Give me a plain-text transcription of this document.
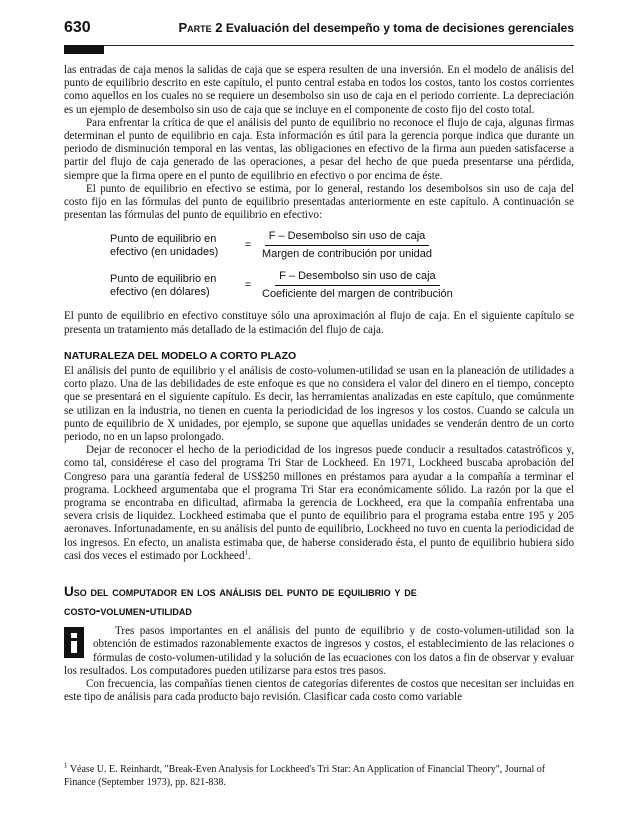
630	Parte 2 Evaluación del desempeño y toma de decisiones gerenciales

las entradas de caja menos la salidas de caja que se espera resulten de una inversión. En el modelo de análisis del punto de equilibrio descrito en este capítulo, el punto central estaba en todos los costos, tanto los costos corrientes como aquellos en los cuales no se requiere un desembolso sin uso de caja en el periodo corriente. La depreciación es un ejemplo de desembolso sin uso de caja que se incluye en el componente de costo fijo del costo total.

Para enfrentar la crítica de que el análisis del punto de equilibrio no reconoce el flujo de caja, algunas firmas determinan el punto de equilibrio en caja. Esta información es útil para la gerencia porque indica que durante un periodo de disminución temporal en las ventas, las obligaciones en efectivo de la firma aun pueden satisfacerse a partir del flujo de caja generado de las operaciones, a pesar del hecho de que pueda presentarse una pérdida, siempre que la firma opere en el punto de equilibrio en efectivo o por encima de éste.

El punto de equilibrio en efectivo se estima, por lo general, restando los desembolsos sin uso de caja del costo fijo en las fórmulas del punto de equilibrio presentadas anteriormente en este capítulo. A continuación se presentan las fórmulas del punto de equilibrio en efectivo:

Punto de equilibrio en
efectivo (en unidades)
= $\frac{\text{F – Desembolso sin uso de caja}}{\text{Margen de contribución por unidad}}$
Punto de equilibrio en
efectivo (en dólares)
= $\frac{\text{F – Desembolso sin uso de caja}}{\text{Coeficiente del margen de contribución}}$

El punto de equilibrio en efectivo constituye sólo una aproximación al flujo de caja. En el siguiente capítulo se presenta un tratamiento más detallado de la estimación del flujo de caja.

NATURALEZA DEL MODELO A CORTO PLAZO

El análisis del punto de equilibrio y el análisis de costo-volumen-utilidad se usan en la planeación de utilidades a corto plazo. Una de las debilidades de este enfoque es que no considera el valor del dinero en el tiempo, concepto que se presentará en el siguiente capítulo. Es decir, las herramientas analizadas en este capítulo, que comúnmente se utilizan en la industria, no tienen en cuenta la periodicidad de los ingresos y los costos. Cuando se calcula un punto de equilibrio de X unidades, por ejemplo, se supone que aquellas unidades se venderán dentro de un corto periodo, no en un lapso prolongado.

Dejar de reconocer el hecho de la periodicidad de los ingresos puede conducir a resultados catastróficos y, como tal, considérese el caso del programa Tri Star de Lockheed. En 1971, Lockheed buscaba aprobación del Congreso para una garantía federal de US$250 millones en préstamos para ayudar a la compañía a terminar el programa. Lockheed argumentaba que el programa Tri Star era económicamente sólido. La razón por la que el programa se encontraba en dificultad, afirmaba la gerencia de Lockheed, era que la compañía enfrentaba una severa crisis de liquidez. Lockheed estimaba que el punto de equilibrio para el programa estaba entre 195 y 205 aeronaves. Infortunadamente, en su análisis del punto de equilibrio, Lockheed no tuvo en cuenta la periodicidad de los ingresos. En efecto, un analista estimaba que, de haberse considerado ésta, el punto de equilibrio hubiera sido casi dos veces el estimado por Lockheed$^1$.

Uso del computador en los análisis del punto de equilibrio y de
costo-volumen-utilidad

Tres pasos importantes en el análisis del punto de equilibrio y de costo-volumen-utilidad son la obtención de estimados razonablemente exactos de ingresos y costos, el establecimiento de las relaciones o fórmulas de costo-volumen-utilidad y la solución de las ecuaciones con los datos a fin de observar y evaluar los resultados. Los computadores pueden utilizarse para estos tres pasos.

Con frecuencia, las compañías tienen cientos de categorías diferentes de costos que necesitan ser incluidas en este tipo de análisis para cada producto bajo revisión. Clasificar cada costo como variable

$^1$ Véase U. E. Reinhardt, "Break-Even Analysis for Lockheed's Tri Star: An Application of Financial Theory", Journal of Finance (September 1973), pp. 821-838.
